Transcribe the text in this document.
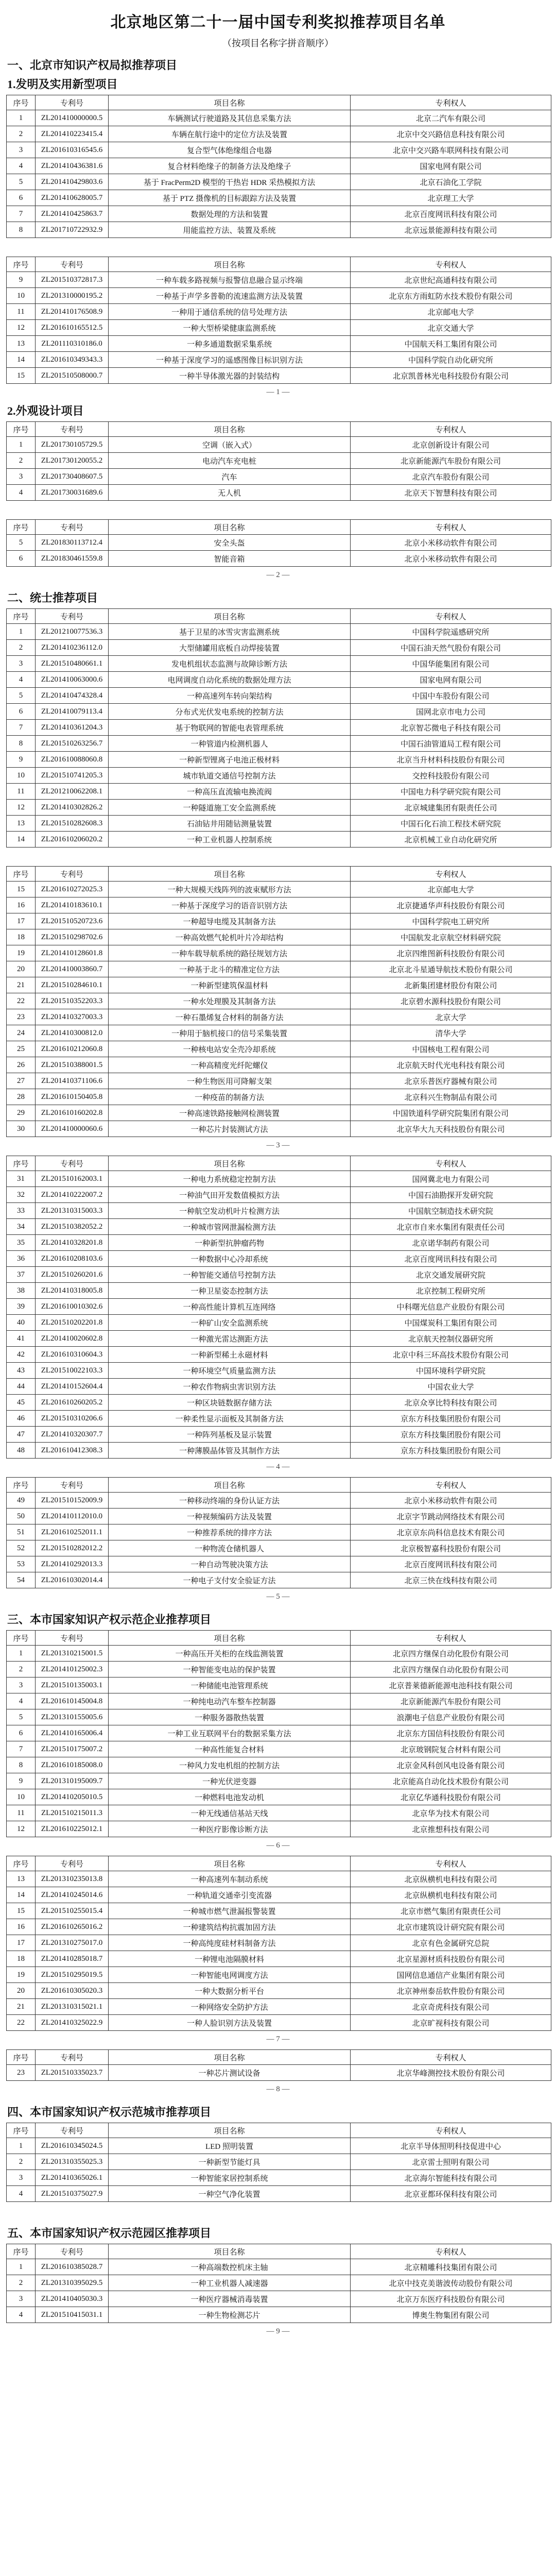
北京地区第二十一届中国专利奖拟推荐项目名单
（按项目名称字拼音顺序）
一、北京市知识产权局拟推荐项目
1.发明及实用新型项目
序号	专利号	项目名称	专利权人
1	ZL201410000000.5	车辆测试行驶道路及其信息采集方法	北京二汽车有限公司
2	ZL201410223415.4	车辆在航行途中的定位方法及装置	北京中交兴路信息科技有限公司
3	ZL201610316545.6	复合型气体绝缘组合电器	北京中交兴路车联网科技有限公司
4	ZL201410436381.6	复合材料绝缘子的制备方法及绝缘子	国家电网有限公司
5	ZL201410429803.6	基于 FracPerm2D 模型的干热岩 HDR 采热模拟方法	北京石油化工学院
6	ZL201410628005.7	基于 PTZ 摄像机的目标跟踪方法及装置	北京理工大学
7	ZL201410425863.7	数据处理的方法和装置	北京百度网讯科技有限公司
8	ZL201710722932.9	用能监控方法、装置及系统	北京远景能源科技有限公司
序号	专利号	项目名称	专利权人
9	ZL201510372817.3	一种车载多路视频与报警信息融合显示终端	北京世纪高通科技有限公司
10	ZL201310000195.2	一种基于声学多普勒的流速监测方法及装置	北京东方雨虹防水技术股份有限公司
11	ZL201410176508.9	一种用于通信系统的信号处理方法	北京邮电大学
12	ZL201610165512.5	一种大型桥梁健康监测系统	北京交通大学
13	ZL201110310186.0	一种多通道数据采集系统	中国航天科工集团有限公司
14	ZL201610349343.3	一种基于深度学习的遥感图像目标识别方法	中国科学院自动化研究所
15	ZL201510508000.7	一种半导体激光器的封装结构	北京凯普林光电科技股份有限公司
— 1 —
2.外观设计项目
序号	专利号	项目名称	专利权人
1	ZL201730105729.5	空调（嵌入式）	北京创新设计有限公司
2	ZL201730120055.2	电动汽车充电桩	北京新能源汽车股份有限公司
3	ZL201730408607.5	汽车	北京汽车股份有限公司
4	ZL201730031689.6	无人机	北京天下智慧科技有限公司
序号	专利号	项目名称	专利权人
5	ZL201830113712.4	安全头盔	北京小米移动软件有限公司
6	ZL201830461559.8	智能音箱	北京小米移动软件有限公司
— 2 —
二、统士推荐项目
序号	专利号	项目名称	专利权人
1	ZL201210077536.3	基于卫星的冰雪灾害监测系统	中国科学院遥感研究所
2	ZL201410236112.0	大型储罐用底板自动焊接装置	中国石油天然气股份有限公司
3	ZL201510480661.1	发电机组状态监测与故障诊断方法	中国华能集团有限公司
4	ZL201410063000.6	电网调度自动化系统的数据处理方法	国家电网有限公司
5	ZL201410474328.4	一种高速列车转向架结构	中国中车股份有限公司
6	ZL201410079113.4	分布式光伏发电系统的控制方法	国网北京市电力公司
7	ZL201410361204.3	基于物联网的智能电表管理系统	北京智芯微电子科技有限公司
8	ZL201510263256.7	一种管道内检测机器人	中国石油管道局工程有限公司
9	ZL201610088060.8	一种新型锂离子电池正极材料	北京当升材料科技股份有限公司
10	ZL201510741205.3	城市轨道交通信号控制方法	交控科技股份有限公司
11	ZL201210062208.1	一种高压直流输电换流阀	中国电力科学研究院有限公司
12	ZL201410302826.2	一种隧道施工安全监测系统	北京城建集团有限责任公司
13	ZL201510282608.3	石油钻井用随钻测量装置	中国石化石油工程技术研究院
14	ZL201610206020.2	一种工业机器人控制系统	北京机械工业自动化研究所
序号	专利号	项目名称	专利权人
15	ZL201610272025.3	一种大规模天线阵列的波束赋形方法	北京邮电大学
16	ZL201410183610.1	一种基于深度学习的语音识别方法	北京捷通华声科技股份有限公司
17	ZL201510520723.6	一种超导电缆及其制备方法	中国科学院电工研究所
18	ZL201510298702.6	一种高效燃气轮机叶片冷却结构	中国航发北京航空材料研究院
19	ZL201410128601.8	一种车载导航系统的路径规划方法	北京四维图新科技股份有限公司
20	ZL201410003860.7	一种基于北斗的精准定位方法	北京北斗星通导航技术股份有限公司
21	ZL201510284610.1	一种新型建筑保温材料	北新集团建材股份有限公司
22	ZL201510352203.3	一种水处理膜及其制备方法	北京碧水源科技股份有限公司
23	ZL201410327003.3	一种石墨烯复合材料的制备方法	北京大学
24	ZL201410300812.0	一种用于脑机接口的信号采集装置	清华大学
25	ZL201610212060.8	一种核电站安全壳冷却系统	中国核电工程有限公司
26	ZL201510388001.5	一种高精度光纤陀螺仪	北京航天时代光电科技有限公司
27	ZL201410371106.6	一种生物医用可降解支架	北京乐普医疗器械有限公司
28	ZL201610150405.8	一种疫苗的制备方法	北京科兴生物制品有限公司
29	ZL201610160202.8	一种高速铁路接触网检测装置	中国铁道科学研究院集团有限公司
30	ZL201410000060.6	一种芯片封装测试方法	北京华大九天科技股份有限公司
— 3 —
序号	专利号	项目名称	专利权人
31	ZL201510162003.1	一种电力系统稳定控制方法	国网冀北电力有限公司
32	ZL201410222007.2	一种油气田开发数值模拟方法	中国石油勘探开发研究院
33	ZL201310315003.3	一种航空发动机叶片检测方法	中国航空制造技术研究院
34	ZL201510382052.2	一种城市管网泄漏检测方法	北京市自来水集团有限责任公司
35	ZL201410328201.8	一种新型抗肿瘤药物	北京诺华制药有限公司
36	ZL201610208103.6	一种数据中心冷却系统	北京百度网讯科技有限公司
37	ZL201510260201.6	一种智能交通信号控制方法	北京交通发展研究院
38	ZL201410318005.8	一种卫星姿态控制方法	北京控制工程研究所
39	ZL201610010302.6	一种高性能计算机互连网络	中科曙光信息产业股份有限公司
40	ZL201510202201.8	一种矿山安全监测系统	中国煤炭科工集团有限公司
41	ZL201410020602.8	一种激光雷达测距方法	北京航天控制仪器研究所
42	ZL201610310604.3	一种新型稀土永磁材料	北京中科三环高技术股份有限公司
43	ZL201510022103.3	一种环境空气质量监测方法	中国环境科学研究院
44	ZL201410152604.4	一种农作物病虫害识别方法	中国农业大学
45	ZL201610260205.2	一种区块链数据存储方法	北京众享比特科技有限公司
46	ZL201510310206.6	一种柔性显示面板及其制备方法	京东方科技集团股份有限公司
47	ZL201410320307.7	一种阵列基板及显示装置	京东方科技集团股份有限公司
48	ZL201610412308.3	一种薄膜晶体管及其制作方法	京东方科技集团股份有限公司
— 4 —
序号	专利号	项目名称	专利权人
49	ZL201510152009.9	一种移动终端的身份认证方法	北京小米移动软件有限公司
50	ZL201410112010.0	一种视频编码方法及装置	北京字节跳动网络技术有限公司
51	ZL201610252011.1	一种推荐系统的排序方法	北京京东尚科信息技术有限公司
52	ZL201510282012.2	一种物流仓储机器人	北京极智嘉科技股份有限公司
53	ZL201410292013.3	一种自动驾驶决策方法	北京百度网讯科技有限公司
54	ZL201610302014.4	一种电子支付安全验证方法	北京三快在线科技有限公司
— 5 —
三、本市国家知识产权示范企业推荐项目
序号	专利号	项目名称	专利权人
1	ZL201310215001.5	一种高压开关柜的在线监测装置	北京四方继保自动化股份有限公司
2	ZL201410125002.3	一种智能变电站的保护装置	北京四方继保自动化股份有限公司
3	ZL201510135003.1	一种储能电池管理系统	北京普莱德新能源电池科技有限公司
4	ZL201610145004.8	一种纯电动汽车整车控制器	北京新能源汽车股份有限公司
5	ZL201310155005.6	一种服务器散热装置	浪潮电子信息产业股份有限公司
6	ZL201410165006.4	一种工业互联网平台的数据采集方法	北京东方国信科技股份有限公司
7	ZL201510175007.2	一种高性能复合材料	北京玻钢院复合材料有限公司
8	ZL201610185008.0	一种风力发电机组的控制方法	北京金风科创风电设备有限公司
9	ZL201310195009.7	一种光伏逆变器	北京能高自动化技术股份有限公司
10	ZL201410205010.5	一种燃料电池发动机	北京亿华通科技股份有限公司
11	ZL201510215011.3	一种无线通信基站天线	北京华为技术有限公司
12	ZL201610225012.1	一种医疗影像诊断方法	北京推想科技有限公司
— 6 —
序号	专利号	项目名称	专利权人
13	ZL201310235013.8	一种高速列车制动系统	北京纵横机电科技有限公司
14	ZL201410245014.6	一种轨道交通牵引变流器	北京纵横机电科技有限公司
15	ZL201510255015.4	一种城市燃气泄漏报警装置	北京市燃气集团有限责任公司
16	ZL201610265016.2	一种建筑结构抗震加固方法	北京市建筑设计研究院有限公司
17	ZL201310275017.0	一种高纯度硅材料制备方法	北京有色金属研究总院
18	ZL201410285018.7	一种锂电池隔膜材料	北京星源材质科技股份有限公司
19	ZL201510295019.5	一种智能电网调度方法	国网信息通信产业集团有限公司
20	ZL201610305020.3	一种大数据分析平台	北京神州泰岳软件股份有限公司
21	ZL201310315021.1	一种网络安全防护方法	北京奇虎科技有限公司
22	ZL201410325022.9	一种人脸识别方法及装置	北京旷视科技有限公司
— 7 —
序号	专利号	项目名称	专利权人
23	ZL201510335023.7	一种芯片测试设备	北京华峰测控技术股份有限公司
— 8 —
四、本市国家知识产权示范城市推荐项目
序号	专利号	项目名称	专利权人
1	ZL201610345024.5	LED 照明装置	北京半导体照明科技促进中心
2	ZL201310355025.3	一种新型节能灯具	北京雷士照明有限公司
3	ZL201410365026.1	一种智能家居控制系统	北京海尔智能科技有限公司
4	ZL201510375027.9	一种空气净化装置	北京亚都环保科技有限公司
五、本市国家知识产权示范园区推荐项目
序号	专利号	项目名称	专利权人
1	ZL201610385028.7	一种高端数控机床主轴	北京精雕科技集团有限公司
2	ZL201310395029.5	一种工业机器人减速器	北京中技克美谐波传动股份有限公司
3	ZL201410405030.3	一种医疗器械消毒装置	北京万东医疗科技股份有限公司
4	ZL201510415031.1	一种生物检测芯片	博奥生物集团有限公司
— 9 —
